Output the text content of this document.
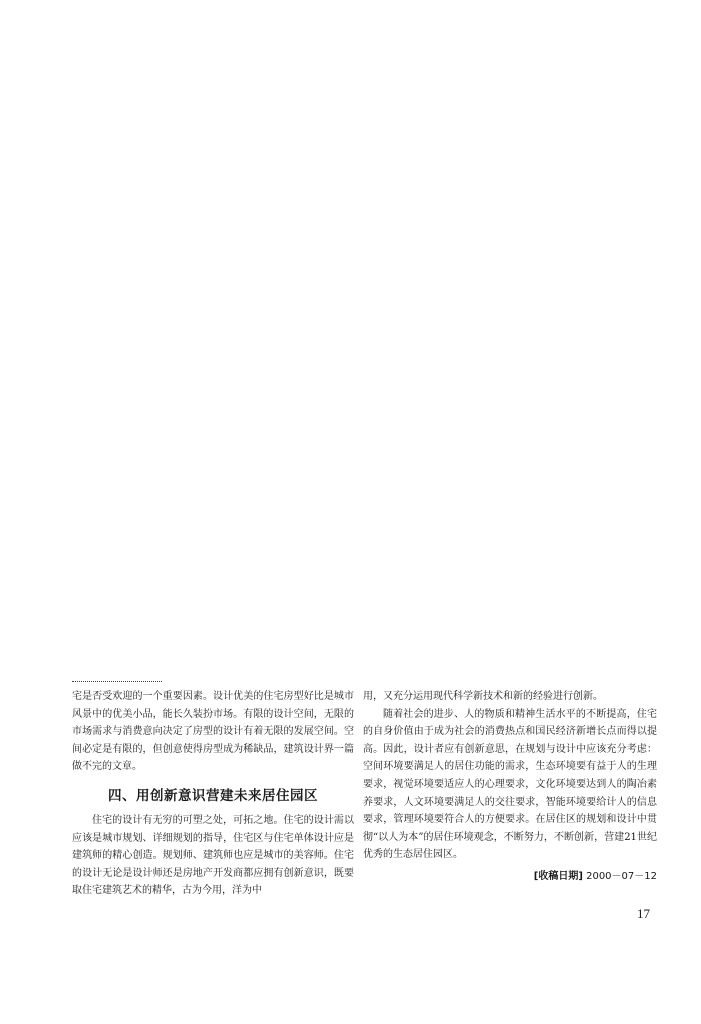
宅是否受欢迎的一个重要因素。设计优美的住宅房型好比是城市风景中的优美小品，能长久装扮市场。有限的设计空间，无限的市场需求与消费意向决定了房型的设计有着无限的发展空间。空间必定是有限的，但创意使得房型成为稀缺品，建筑设计界一篇做不完的文章。

四、用创新意识营建未来居住园区

住宅的设计有无穷的可塑之处，可拓之地。住宅的设计需以应该是城市规划、详细规划的指导，住宅区与住宅单体设计应是建筑师的精心创造。规划师、建筑师也应是城市的美容师。住宅的设计无论是设计师还是房地产开发商都应拥有创新意识，既要取住宅建筑艺术的精华，古为今用，洋为中

用，又充分运用现代科学新技术和新的经验进行创新。

随着社会的进步、人的物质和精神生活水平的不断提高，住宅的自身价值由于成为社会的消费热点和国民经济新增长点而得以提高。因此，设计者应有创新意思，在规划与设计中应该充分考虑：空间环境要满足人的居住功能的需求，生态环境要有益于人的生理要求，视觉环境要适应人的心理要求，文化环境要达到人的陶冶素养要求，人文环境要满足人的交往要求，智能环境要给计人的信息要求，管理环境要符合人的方便要求。在居住区的规划和设计中贯彻“以人为本”的居住环境观念，不断努力，不断创新，营建21世纪优秀的生态居住园区。

[收稿日期] 2000－07－12
17
